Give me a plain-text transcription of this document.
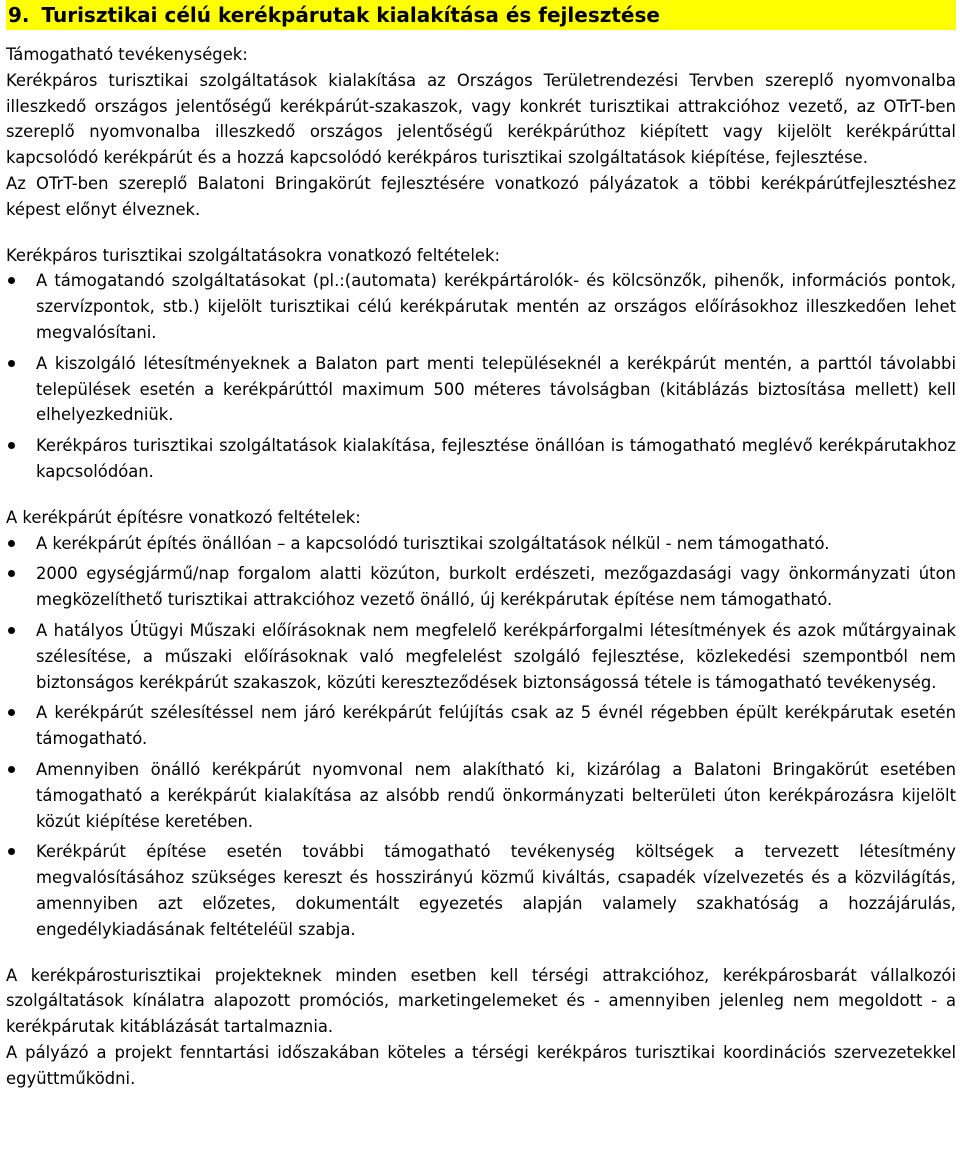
9. Turisztikai célú kerékpárutak kialakítása és fejlesztése

Támogatható tevékenységek:

Kerékpáros turisztikai szolgáltatások kialakítása az Országos Területrendezési Tervben szereplő nyomvonalba illeszkedő országos jelentőségű kerékpárút-szakaszok, vagy konkrét turisztikai attrakcióhoz vezető, az OTrT-ben szereplő nyomvonalba illeszkedő országos jelentőségű kerékpárúthoz kiépített vagy kijelölt kerékpárúttal kapcsolódó kerékpárút és a hozzá kapcsolódó kerékpáros turisztikai szolgáltatások kiépítése, fejlesztése.

Az OTrT-ben szereplő Balatoni Bringakörút fejlesztésére vonatkozó pályázatok a többi kerékpárútfejlesztéshez képest előnyt élveznek.

Kerékpáros turisztikai szolgáltatásokra vonatkozó feltételek:

A támogatandó szolgáltatásokat (pl.:(automata) kerékpártárolók- és kölcsönzők, pihenők, információs pontok, szervízpontok, stb.) kijelölt turisztikai célú kerékpárutak mentén az országos előírásokhoz illeszkedően lehet megvalósítani.
A kiszolgáló létesítményeknek a Balaton part menti településeknél a kerékpárút mentén, a parttól távolabbi települések esetén a kerékpárúttól maximum 500 méteres távolságban (kitáblázás biztosítása mellett) kell elhelyezkedniük.
Kerékpáros turisztikai szolgáltatások kialakítása, fejlesztése önállóan is támogatható meglévő kerékpárutakhoz kapcsolódóan.

A kerékpárút építésre vonatkozó feltételek:

A kerékpárút építés önállóan – a kapcsolódó turisztikai szolgáltatások nélkül - nem támogatható.
2000 egységjármű/nap forgalom alatti közúton, burkolt erdészeti, mezőgazdasági vagy önkormányzati úton megközelíthető turisztikai attrakcióhoz vezető önálló, új kerékpárutak építése nem támogatható.
A hatályos Útügyi Műszaki előírásoknak nem megfelelő kerékpárforgalmi létesítmények és azok műtárgyainak szélesítése, a műszaki előírásoknak való megfelelést szolgáló fejlesztése, közlekedési szempontból nem biztonságos kerékpárút szakaszok, közúti kereszteződések biztonságossá tétele is támogatható tevékenység.
A kerékpárút szélesítéssel nem járó kerékpárút felújítás csak az 5 évnél régebben épült kerékpárutak esetén támogatható.
Amennyiben önálló kerékpárút nyomvonal nem alakítható ki, kizárólag a Balatoni Bringakörút esetében támogatható a kerékpárút kialakítása az alsóbb rendű önkormányzati belterületi úton kerékpározásra kijelölt közút kiépítése keretében.
Kerékpárút építése esetén további támogatható tevékenység költségek a tervezett létesítmény megvalósításához szükséges kereszt és hosszirányú közmű kiváltás, csapadék vízelvezetés és a közvilágítás, amennyiben azt előzetes, dokumentált egyezetés alapján valamely szakhatóság a hozzájárulás, engedélykiadásának feltételéül szabja.

A kerékpárosturisztikai projekteknek minden esetben kell térségi attrakcióhoz, kerékpárosbarát vállalkozói szolgáltatások kínálatra alapozott promóciós, marketingelemeket és - amennyiben jelenleg nem megoldott - a kerékpárutak kitáblázását tartalmaznia.

A pályázó a projekt fenntartási időszakában köteles a térségi kerékpáros turisztikai koordinációs szervezetekkel együttműködni.
